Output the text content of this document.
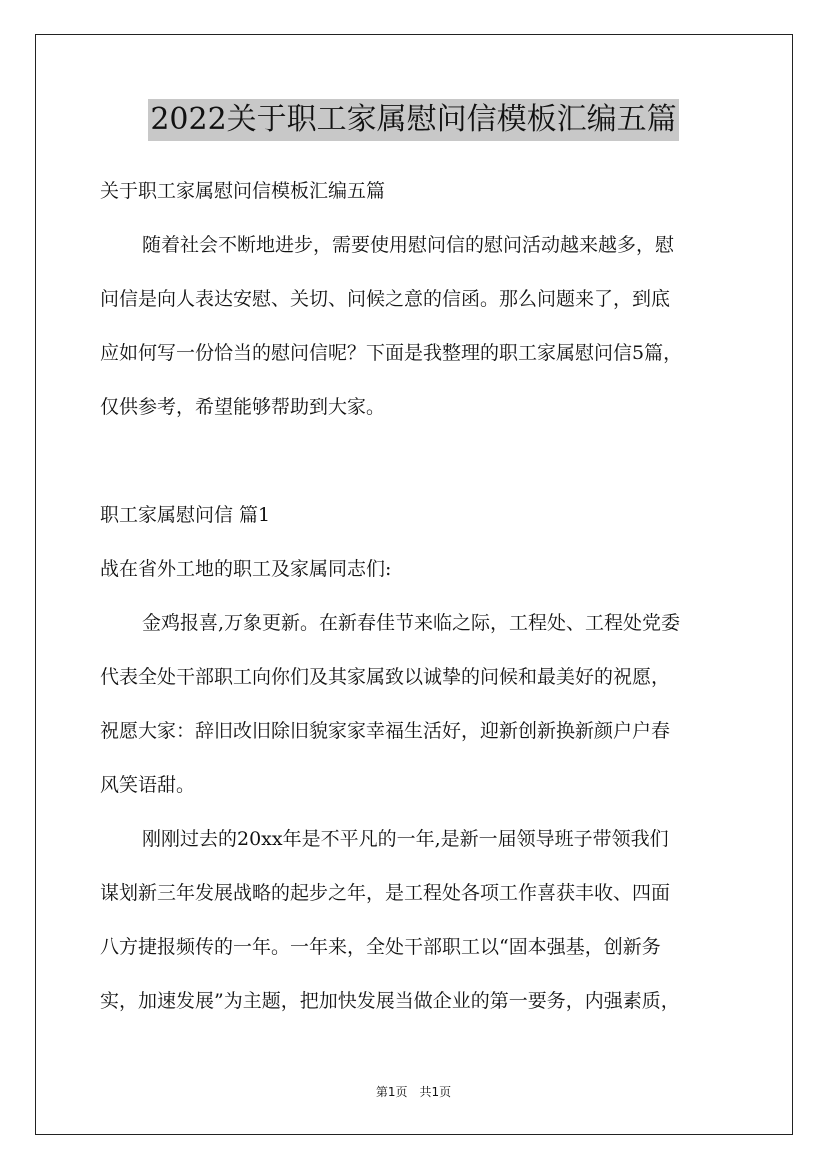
2022关于职工家属慰问信模板汇编五篇
关于职工家属慰问信模板汇编五篇
随着社会不断地进步，需要使用慰问信的慰问活动越来越多，慰
问信是向人表达安慰、关切、问候之意的信函。那么问题来了，到底
应如何写一份恰当的慰问信呢？下面是我整理的职工家属慰问信5篇，
仅供参考，希望能够帮助到大家。
职工家属慰问信 篇1
战在省外工地的职工及家属同志们:
金鸡报喜,万象更新。在新春佳节来临之际，工程处、工程处党委
代表全处干部职工向你们及其家属致以诚挚的问候和最美好的祝愿，
祝愿大家：辞旧改旧除旧貌家家幸福生活好，迎新创新换新颜户户春
风笑语甜。
刚刚过去的20xx年是不平凡的一年,是新一届领导班子带领我们
谋划新三年发展战略的起步之年，是工程处各项工作喜获丰收、四面
八方捷报频传的一年。一年来，全处干部职工以“固本强基，创新务
实，加速发展”为主题，把加快发展当做企业的第一要务，内强素质，
第1页　共1页
